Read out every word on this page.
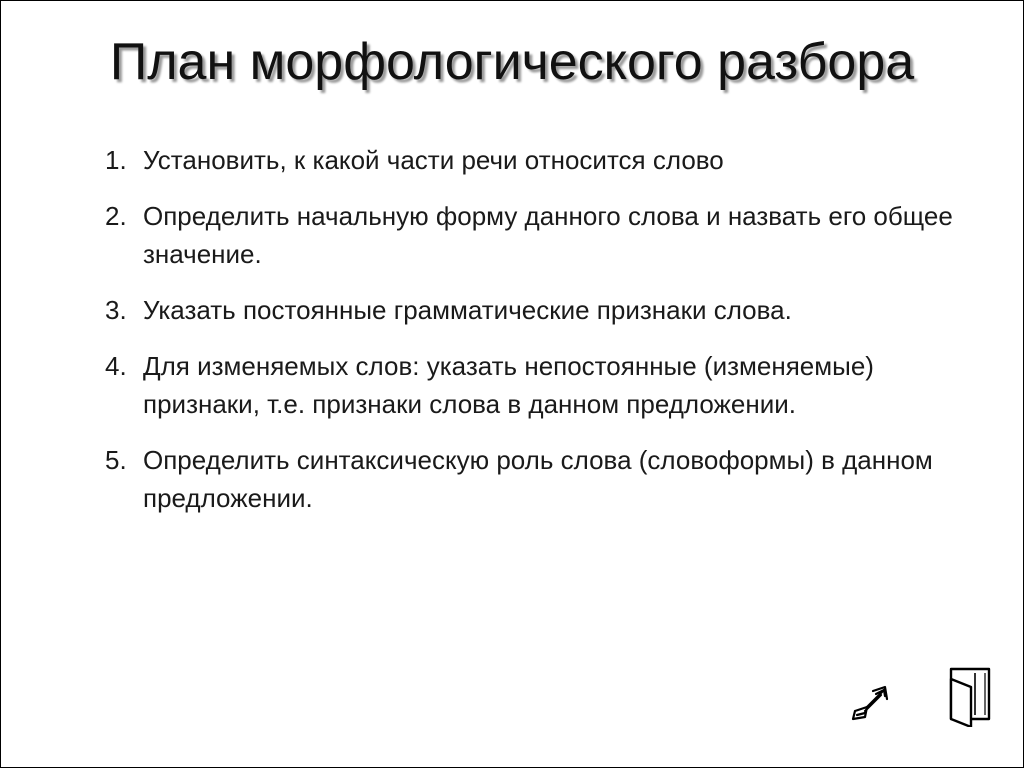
План морфологического разбора
1. Установить, к какой части речи относится слово
2. Определить начальную форму данного слова и назвать его общее значение.
3. Указать постоянные грамматические признаки слова.
4. Для изменяемых слов: указать непостоянные (изменяемые) признаки, т.е. признаки слова в данном предложении.
5. Определить синтаксическую роль слова (словоформы) в данном предложении.
